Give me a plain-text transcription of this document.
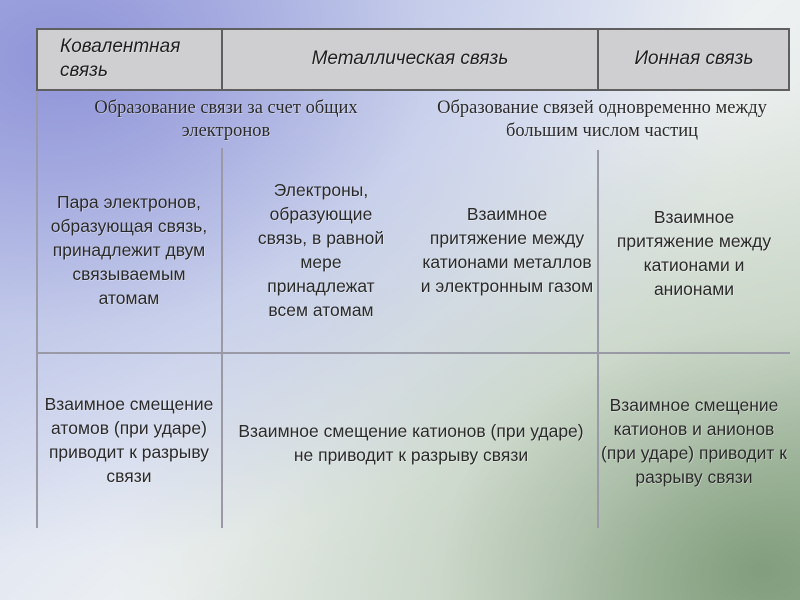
Ковалентная связь
Металлическая связь	Ионная связь
Образование связи за счет общих электронов
Образование связей одновременно между большим числом частиц
Пара электронов, образующая связь, принадлежит двум связываемым атомам
Электроны, образующие связь, в равной мере принадлежат всем атомам
Взаимное притяжение между катионами металлов и электронным газом
Взаимное притяжение между катионами и анионами
Взаимное смещение атомов (при ударе) приводит к разрыву связи
Взаимное смещение катионов (при ударе) не приводит к разрыву связи
Взаимное смещение катионов и анионов (при ударе) приводит к разрыву связи
